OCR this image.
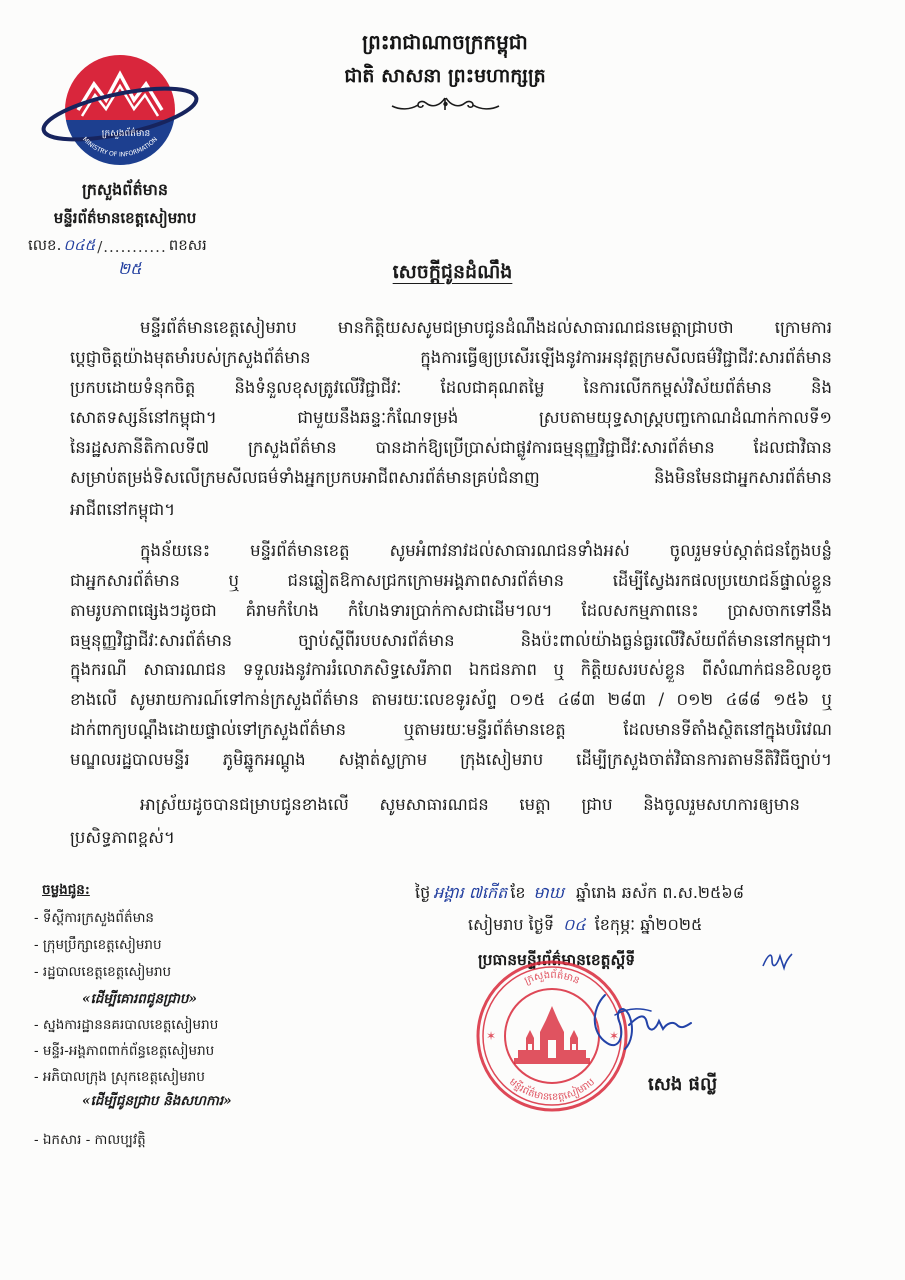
ព្រះរាជាណាចក្រកម្ពុជា
ជាតិ សាសនា ព្រះមហាក្សត្រ
ក្រសួងព័ត៌មាន
MINISTRY OF INFORMATION
ក្រសួងព័ត៌មាន
មន្ទីរព័ត៌មានខេត្តសៀមរាប
លេខ. ០៤៥ /........... ពខសរ
២៥	សេចក្តីជូនដំណឹង
មន្ទីរព័ត៌មានខេត្តសៀមរាប មានកិត្តិយសសូមជម្រាបជូនដំណឹងដល់សាធារណជនមេត្តាជ្រាបថា ក្រោមការ
ប្តេជ្ញាចិត្តយ៉ាងមុតមាំរបស់ក្រសួងព័ត៌មាន ក្នុងការធ្វើឲ្យប្រសើរឡើងនូវការអនុវត្តក្រមសីលធម៌វិជ្ជាជីវៈសារព័ត៌មាន
ប្រកបដោយទំនុកចិត្ត និងទំនួលខុសត្រូវលើវិជ្ជាជីវៈ ដែលជាគុណតម្លៃ នៃការលើកកម្ពស់វិស័យព័ត៌មាន និង
សោតទស្សន៍នៅកម្ពុជា។ ជាមួយនឹងឆន្ទៈកំណែទម្រង់ ស្របតាមយុទ្ធសាស្ត្របញ្ចកោណដំណាក់កាលទី១
នៃរដ្ឋសភានីតិកាលទី៧ ក្រសួងព័ត៌មាន បានដាក់ឱ្យប្រើប្រាស់ជាផ្លូវការធម្មនុញ្ញវិជ្ជាជីវៈសារព័ត៌មាន ដែលជាវិធាន
សម្រាប់តម្រង់ទិសលើក្រមសីលធម៌ទាំងអ្នកប្រកបអាជីពសារព័ត៌មានគ្រប់ជំនាញ និងមិនមែនជាអ្នកសារព័ត៌មាន
អាជីពនៅកម្ពុជា។
ក្នុងន័យនេះ មន្ទីរព័ត៌មានខេត្ត សូមអំពាវនាវដល់សាធារណជនទាំងអស់ ចូលរួមទប់ស្កាត់ជនក្លែងបន្លំ
ជាអ្នកសារព័ត៌មាន ឬ ជនឆ្លៀតឱកាសជ្រកក្រោមអង្គភាពសារព័ត៌មាន ដើម្បីស្វែងរកផលប្រយោជន៍ផ្ទាល់ខ្លួន
តាមរូបភាពផ្សេងៗដូចជា គំរាមកំហែង កំហែងទារប្រាក់កាសជាដើម។ល។ ដែលសកម្មភាពនេះ ប្រាសចាកទៅនឹង
ធម្មនុញ្ញវិជ្ជាជីវៈសារព័ត៌មាន ច្បាប់ស្តីពីរបបសារព័ត៌មាន និងប៉ះពាល់យ៉ាងធ្ងន់ធ្ងរលើវិស័យព័ត៌មាននៅកម្ពុជា។
ក្នុងករណី សាធារណជន ទទួលរងនូវការរំលោភសិទ្ធសេរីភាព ឯកជនភាព ឬ កិត្តិយសរបស់ខ្លួន ពីសំណាក់ជនខិលខូច
ខាងលើ សូមរាយការណ៍ទៅកាន់ក្រសួងព័ត៌មាន តាមរយៈលេខទូរស័ព្ទ ០១៥ ៤៨៣ ២៨៣ / ០១២ ៤៨៨ ១៥៦ ឬ
ដាក់ពាក្យបណ្តឹងដោយផ្ទាល់ទៅក្រសួងព័ត៌មាន ឬតាមរយៈមន្ទីរព័ត៌មានខេត្ត ដែលមានទីតាំងស្ថិតនៅក្នុងបរិវេណ
មណ្ឌលរដ្ឋបាលមន្ទីរ ភូមិឆ្នូកអណ្តូង សង្កាត់ស្លក្រាម ក្រុងសៀមរាប ដើម្បីក្រសួងចាត់វិធានការតាមនីតិវិធីច្បាប់។
អាស្រ័យដូចបានជម្រាបជូនខាងលើ សូមសាធារណជន មេត្តា ជ្រាប និងចូលរួមសហការឲ្យមាន
ប្រសិទ្ធភាពខ្ពស់។
ថ្ងៃ អង្គារ ៧កើត ខែ មាឃ ឆ្នាំរោង ឆស័ក ព.ស.២៥៦៨
សៀមរាប ថ្ងៃទី ០៤ ខែកុម្ភៈ ឆ្នាំ២០២៥
ប្រធានមន្ទីរព័ត៌មានខេត្តស្តីទី
ក្រសួងព័ត៌មាន
មន្ទីរព័ត៌មានខេត្តសៀមរាប
✶	✶
សេង ផល្លី
ចម្លងជូន:
- ទីស្តីការក្រសួងព័ត៌មាន
- ក្រុមប្រឹក្សាខេត្តសៀមរាប
- រដ្ឋបាលខេត្តខេត្តសៀមរាប
«ដើម្បីគោរពជូនជ្រាប»
- ស្នងការដ្ឋាននគរបាលខេត្តសៀមរាប
- មន្ទីរ-អង្គភាពពាក់ព័ន្ធខេត្តសៀមរាប
- អភិបាលក្រុង ស្រុកខេត្តសៀមរាប
«ដើម្បីជូនជ្រាប និងសហការ»
- ឯកសារ - កាលប្បវត្តិ
